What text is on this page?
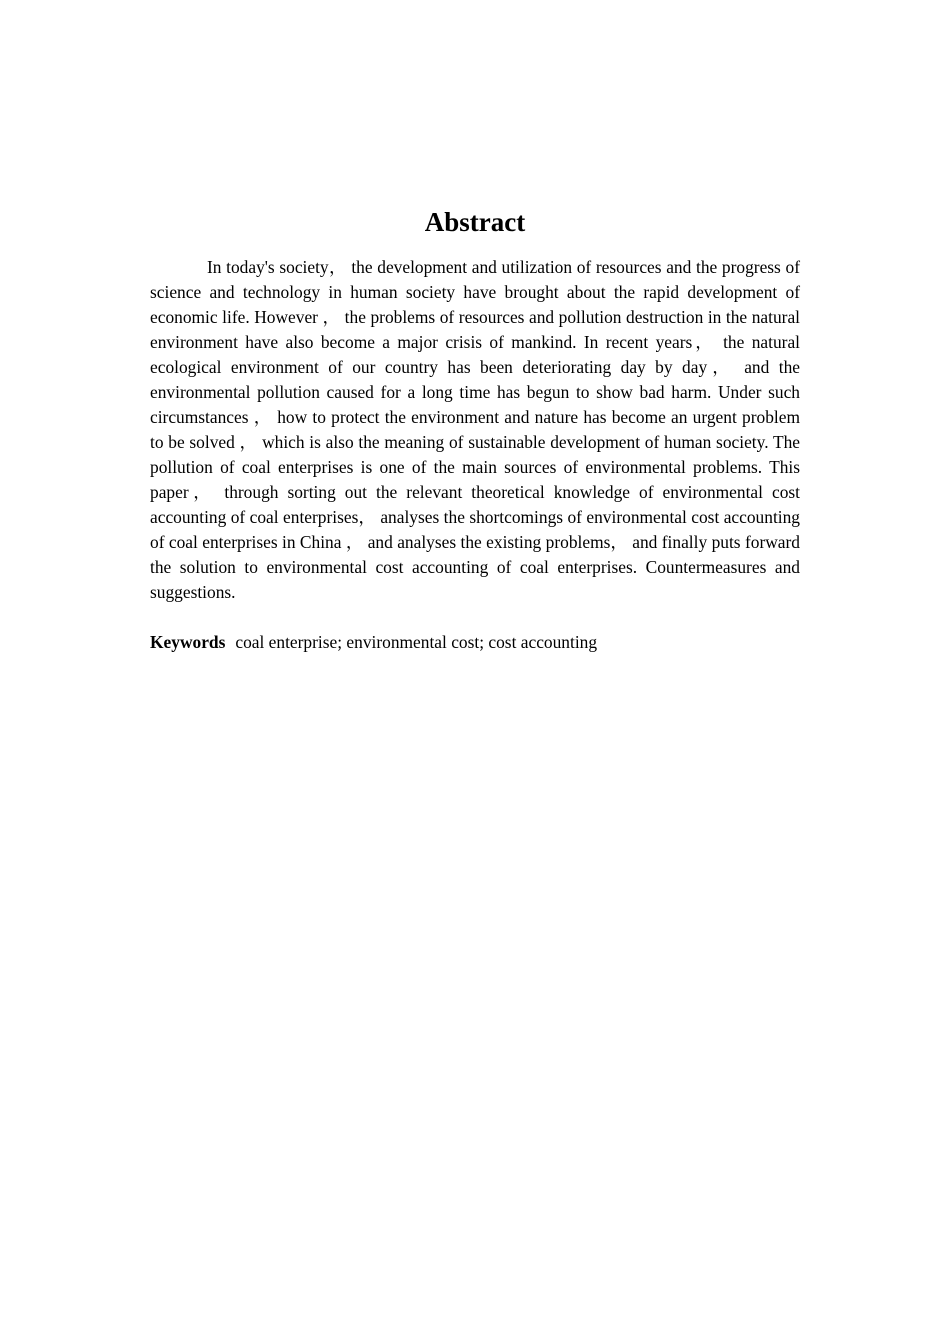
Abstract

In today's society， the development and utilization of resources and the progress of science and technology in human society have brought about the rapid development of economic life. However ， the problems of resources and pollution destruction in the natural environment have also become a major crisis of mankind. In recent years， the natural ecological environment of our country has been deteriorating day by day， and the environmental pollution caused for a long time has begun to show bad harm. Under such circumstances ， how to protect the environment and nature has become an urgent problem to be solved ， which is also the meaning of sustainable development of human society. The pollution of coal enterprises is one of the main sources of environmental problems. This paper， through sorting out the relevant theoretical knowledge of environmental cost accounting of coal enterprises， analyses the shortcomings of environmental cost accounting of coal enterprises in China ， and analyses the existing problems， and finally puts forward the solution to environmental cost accounting of coal enterprises. Countermeasures and suggestions.

Keywords coal enterprise; environmental cost; cost accounting
